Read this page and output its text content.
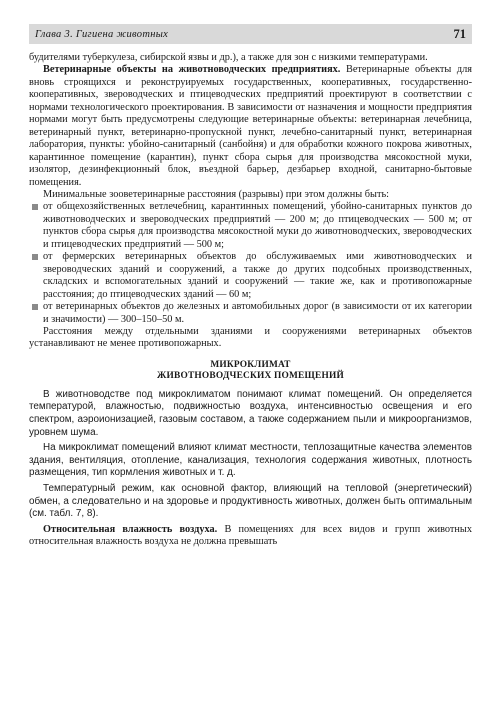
Глава 3. Гигиена животных	71

будителями туберкулеза, сибирской язвы и др.), а также для зон с низкими температурами.

Ветеринарные объекты на животноводческих предприятиях. Ветеринарные объекты для вновь строящихся и реконструируемых государственных, кооперативных, государственно-кооперативных, звероводческих и птицеводческих предприятий проектируют в соответствии с нормами технологического проектирования. В зависимости от назначения и мощности предприятия нормами могут быть предусмотрены следующие ветеринарные объекты: ветеринарная лечебница, ветеринарный пункт, ветеринарно-пропускной пункт, лечебно-санитарный пункт, ветеринарная лаборатория, пункты: убойно-санитарный (санбойня) и для обработки кожного покрова животных, карантинное помещение (карантин), пункт сбора сырья для производства мясокостной муки, изолятор, дезинфекционный блок, въездной барьер, дезбарьер входной, санитарно-бытовые помещения.

Минимальные зооветеринарные расстояния (разрывы) при этом должны быть:

от общехозяйственных ветлечебниц, карантинных помещений, убойно-санитарных пунктов до животноводческих и звероводческих предприятий — 200 м; до птицеводческих — 500 м; от пунктов сбора сырья для производства мясокостной муки до животноводческих, звероводческих и птицеводческих предприятий — 500 м;
от фермерских ветеринарных объектов до обслуживаемых ими животноводческих и звероводческих зданий и сооружений, а также до других подсобных производственных, складских и вспомогательных зданий и сооружений — такие же, как и противопожарные расстояния; до птицеводческих зданий — 60 м;
от ветеринарных объектов до железных и автомобильных дорог (в зависимости от их категории и значимости) — 300–150–50 м.

Расстояния между отдельными зданиями и сооружениями ветеринарных объектов устанавливают не менее противопожарных.

МИКРОКЛИМАТ
ЖИВОТНОВОДЧЕСКИХ ПОМЕЩЕНИЙ

В животноводстве под микроклиматом понимают климат помещений. Он определяется температурой, влажностью, подвижностью воздуха, интенсивностью освещения и его спектром, аэроионизацией, газовым составом, а также содержанием пыли и микроорганизмов, уровнем шума.

На микроклимат помещений влияют климат местности, теплозащитные качества элементов здания, вентиляция, отопление, канализация, технология содержания животных, плотность размещения, тип кормления животных и т. д.

Температурный режим, как основной фактор, влияющий на тепловой (энергетический) обмен, а следовательно и на здоровье и продуктивность животных, должен быть оптимальным (см. табл. 7, 8).

Относительная влажность воздуха. В помещениях для всех видов и групп животных относительная влажность воздуха не должна превышать
